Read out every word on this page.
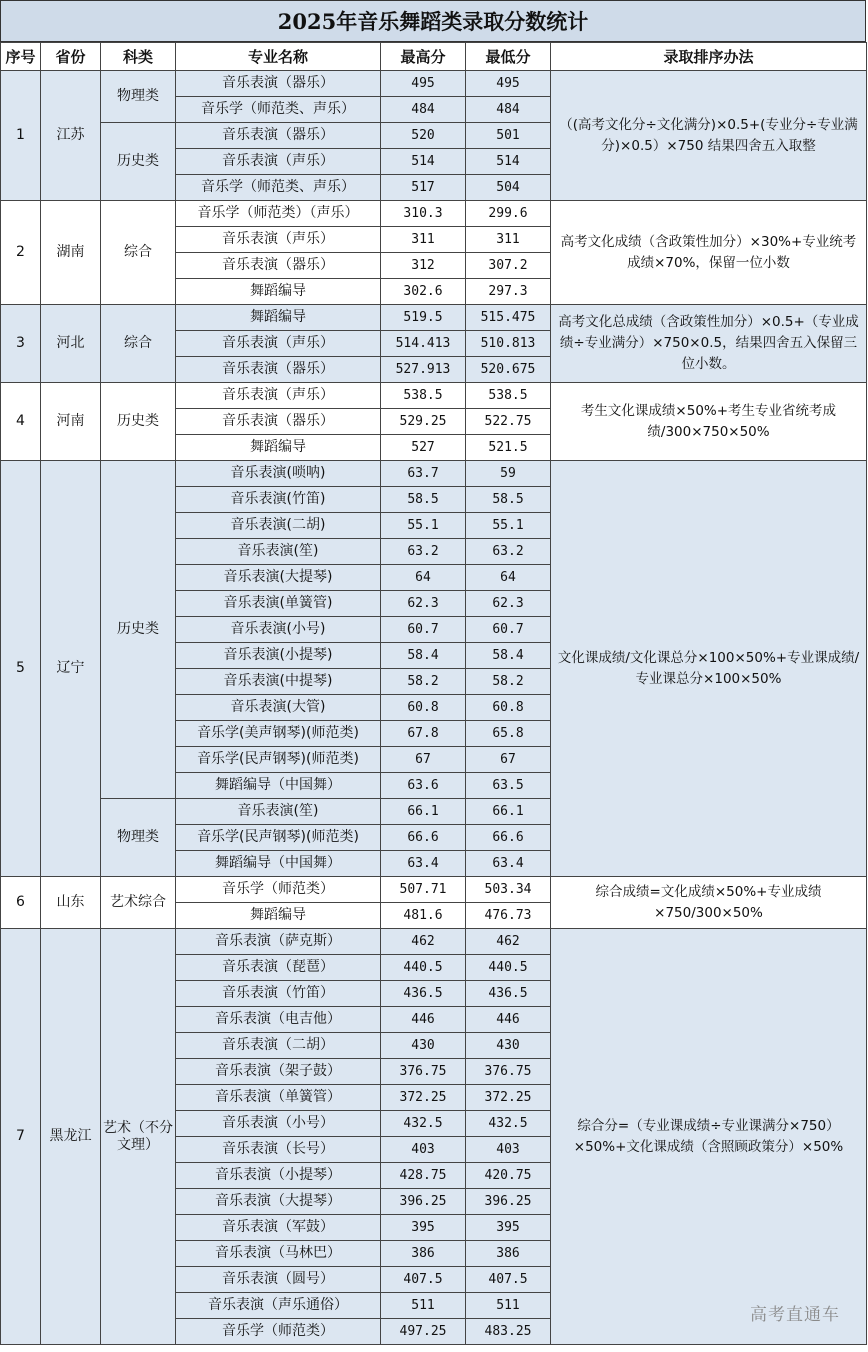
2025年音乐舞蹈类录取分数统计
序号	省份	科类	专业名称	最高分	最低分	录取排序办法
1	江苏	物理类	音乐表演（器乐）	495	495	（(高考文化分÷文化满分)×0.5+(专业分÷专业满分)×0.5）×750 结果四舍五入取整
			音乐学（师范类、声乐）	484	484	
		历史类	音乐表演（器乐）	520	501	
			音乐表演（声乐）	514	514	
			音乐学（师范类、声乐）	517	504	
2	湖南	综合	音乐学（师范类）（声乐）	310.3	299.6	高考文化成绩（含政策性加分）×30%+专业统考成绩×70%，保留一位小数
			音乐表演（声乐）	311	311	
			音乐表演（器乐）	312	307.2	
			舞蹈编导	302.6	297.3	
3	河北	综合	舞蹈编导	519.5	515.475	高考文化总成绩（含政策性加分）×0.5+（专业成绩÷专业满分）×750×0.5，结果四舍五入保留三位小数。
			音乐表演（声乐）	514.413	510.813	
			音乐表演（器乐）	527.913	520.675	
4	河南	历史类	音乐表演（声乐）	538.5	538.5	考生文化课成绩×50%+考生专业省统考成绩/300×750×50%
			音乐表演（器乐）	529.25	522.75	
			舞蹈编导	527	521.5	
5	辽宁	历史类	音乐表演(唢呐)	63.7	59	文化课成绩/文化课总分×100×50%+专业课成绩/专业课总分×100×50%
			音乐表演(竹笛)	58.5	58.5	
			音乐表演(二胡)	55.1	55.1	
			音乐表演(笙)	63.2	63.2	
			音乐表演(大提琴)	64	64	
			音乐表演(单簧管)	62.3	62.3	
			音乐表演(小号)	60.7	60.7	
			音乐表演(小提琴)	58.4	58.4	
			音乐表演(中提琴)	58.2	58.2	
			音乐表演(大管)	60.8	60.8	
			音乐学(美声钢琴)(师范类)	67.8	65.8	
			音乐学(民声钢琴)(师范类)	67	67	
			舞蹈编导（中国舞）	63.6	63.5	
		物理类	音乐表演(笙)	66.1	66.1	
			音乐学(民声钢琴)(师范类)	66.6	66.6	
			舞蹈编导（中国舞）	63.4	63.4	
6	山东	艺术综合	音乐学（师范类）	507.71	503.34	综合成绩=文化成绩×50%+专业成绩×750/300×50%
			舞蹈编导	481.6	476.73	
7	黑龙江	艺术（不分文理）	音乐表演（萨克斯）	462	462	综合分=（专业课成绩÷专业课满分×750）×50%+文化课成绩（含照顾政策分）×50%
			音乐表演（琵琶）	440.5	440.5	
			音乐表演（竹笛）	436.5	436.5	
			音乐表演（电吉他）	446	446	
			音乐表演（二胡）	430	430	
			音乐表演（架子鼓）	376.75	376.75	
			音乐表演（单簧管）	372.25	372.25	
			音乐表演（小号）	432.5	432.5	
			音乐表演（长号）	403	403	
			音乐表演（小提琴）	428.75	420.75	
			音乐表演（大提琴）	396.25	396.25	
			音乐表演（军鼓）	395	395	
			音乐表演（马林巴）	386	386	
			音乐表演（圆号）	407.5	407.5	
			音乐表演（声乐通俗）	511	511	
			音乐学（师范类）	497.25	483.25	
高考直通车
